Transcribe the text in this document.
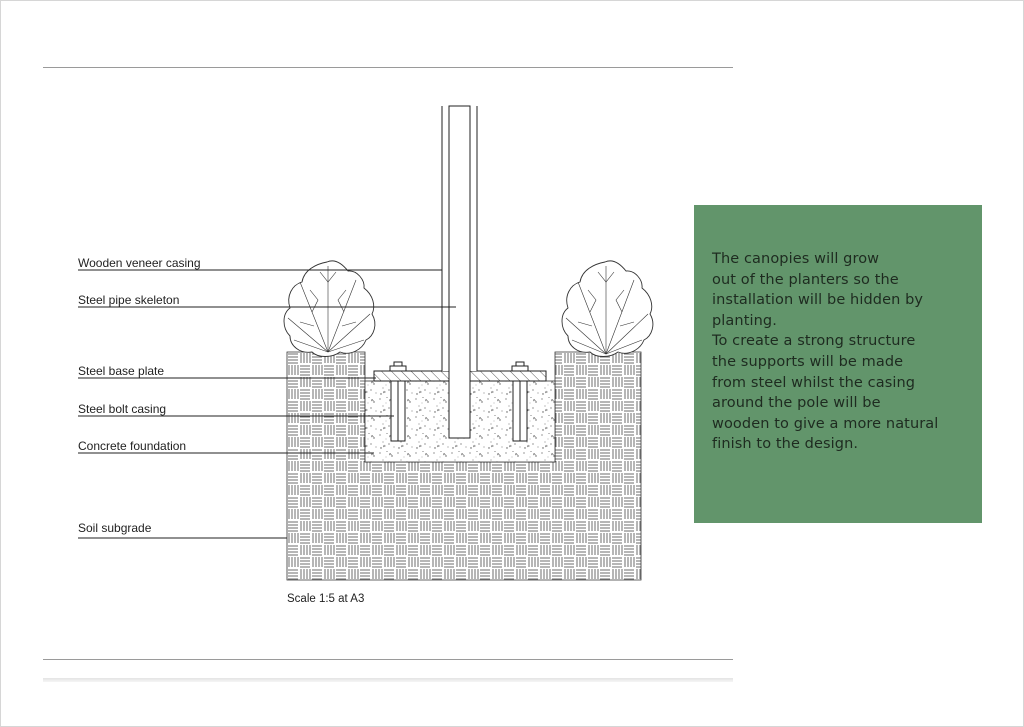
Wooden veneer casing
Steel pipe skeleton
Steel base plate
Steel bolt casing
Concrete foundation
Soil subgrade
Scale 1:5 at A3

The canopies will grow
out of the planters so the
installation will be hidden by
planting.
To create a strong structure
the supports will be made
from steel whilst the casing
around the pole will be
wooden to give a more natural
finish to the design.
